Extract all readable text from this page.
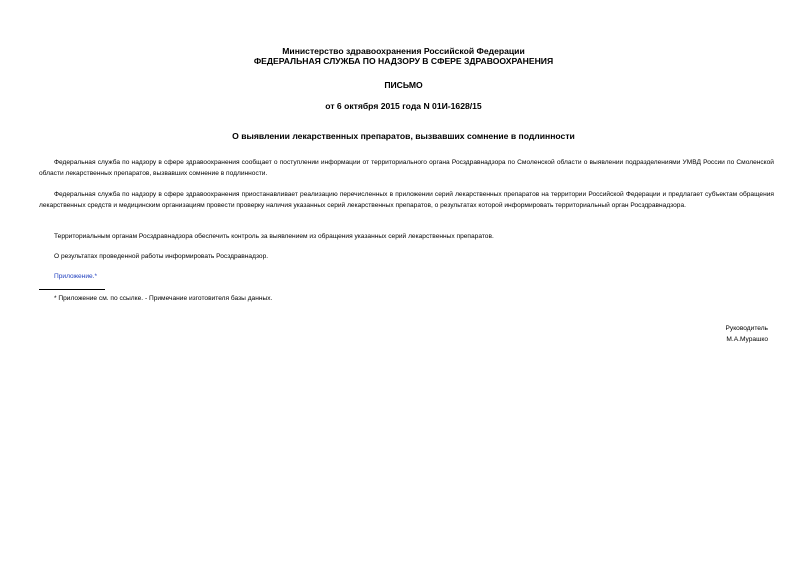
Министерство здравоохранения Российской Федерации
ФЕДЕРАЛЬНАЯ СЛУЖБА ПО НАДЗОРУ В СФЕРЕ ЗДРАВООХРАНЕНИЯ
ПИСЬМО
от 6 октября 2015 года N 01И-1628/15
О выявлении лекарственных препаратов, вызвавших сомнение в подлинности

Федеральная служба по надзору в сфере здравоохранения сообщает о поступлении информации от территориального органа Росздравнадзора по Смоленской области о выявлении подразделениями УМВД России по Смоленской области лекарственных препаратов, вызвавших сомнение в подлинности.

Федеральная служба по надзору в сфере здравоохранения приостанавливает реализацию перечисленных в приложении серий лекарственных препаратов на территории Российской Федерации и предлагает субъектам обращения лекарственных средств и медицинским организациям провести проверку наличия указанных серий лекарственных препаратов, о результатах которой информировать территориальный орган Росздравнадзора.

Территориальным органам Росздравнадзора обеспечить контроль за выявлением из обращения указанных серий лекарственных препаратов.

О результатах проведенной работы информировать Росздравнадзор.

Приложение.*
* Приложение см. по ссылке. - Примечание изготовителя базы данных.
Руководитель
М.А.Мурашко
